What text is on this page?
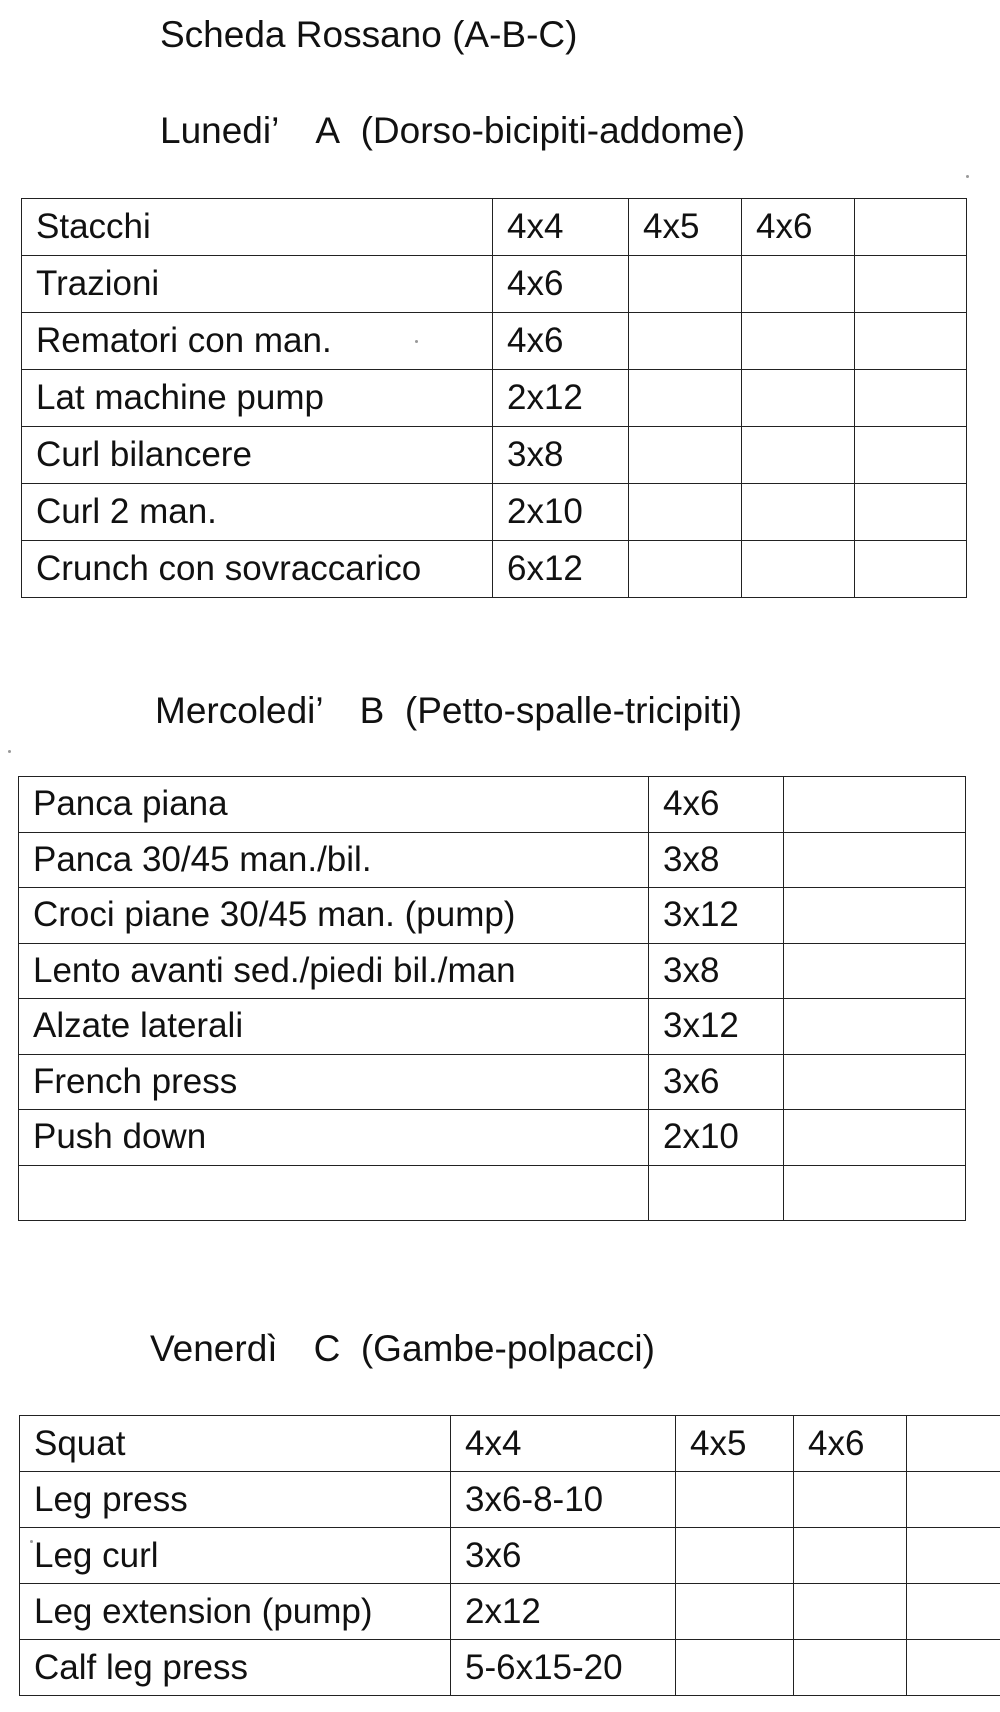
Scheda Rossano (A-B-C)
Lunedi’ A (Dorso-bicipiti-addome)
Stacchi	4x4	4x5	4x6	
Trazioni	4x6			
Rematori con man.	4x6			
Lat machine pump	2x12			
Curl bilancere	3x8			
Curl 2 man.	2x10			
Crunch con sovraccarico	6x12			
Mercoledi’ B (Petto-spalle-tricipiti)
Panca piana	4x6	
Panca 30/45 man./bil.	3x8	
Croci piane 30/45 man. (pump)	3x12	
Lento avanti sed./piedi bil./man	3x8	
Alzate laterali	3x12	
French press	3x6	
Push down	2x10	

Venerdì C (Gambe-polpacci)
Squat	4x4	4x5	4x6	
Leg press	3x6-8-10			
Leg curl	3x6			
Leg extension (pump)	2x12			
Calf leg press	5-6x15-20			
